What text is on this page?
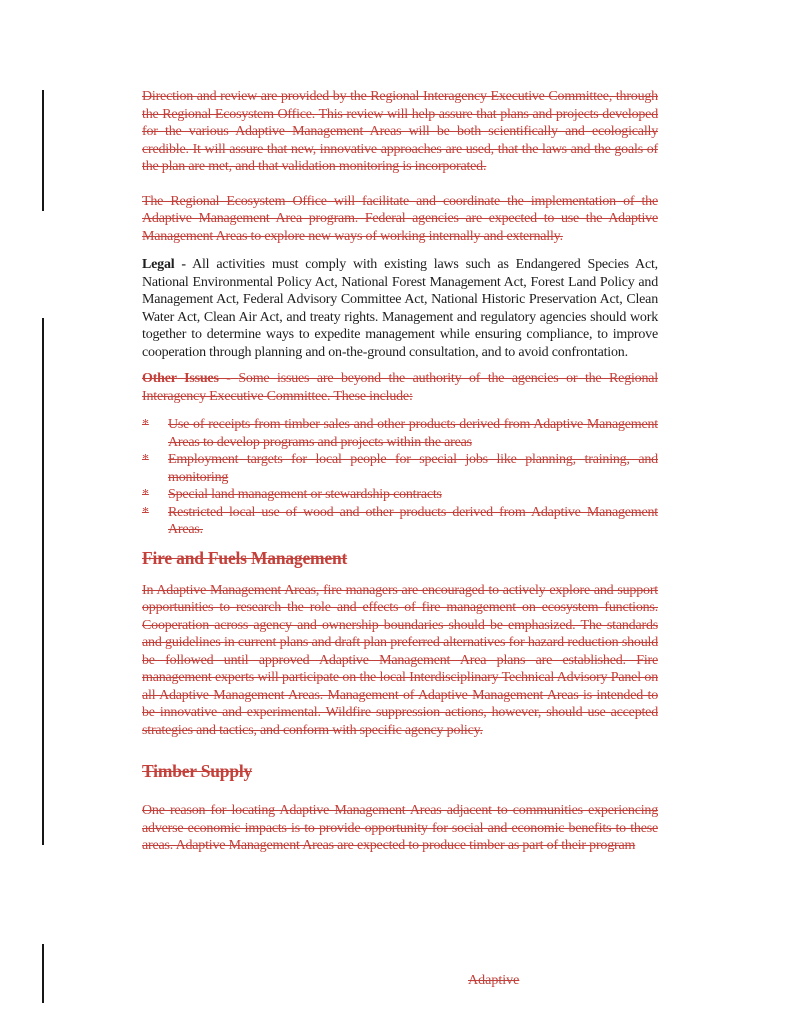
Direction and review are provided by the Regional Interagency Executive Committee, through the Regional Ecosystem Office. This review will help assure that plans and projects developed for the various Adaptive Management Areas will be both scientifically and ecologically credible. It will assure that new, innovative approaches are used, that the laws and the goals of the plan are met, and that validation monitoring is incorporated.

The Regional Ecosystem Office will facilitate and coordinate the implementation of the Adaptive Management Area program. Federal agencies are expected to use the Adaptive Management Areas to explore new ways of working internally and externally.

Legal - All activities must comply with existing laws such as Endangered Species Act, National Environmental Policy Act, National Forest Management Act, Forest Land Policy and Management Act, Federal Advisory Committee Act, National Historic Preservation Act, Clean Water Act, Clean Air Act, and treaty rights. Management and regulatory agencies should work together to determine ways to expedite management while ensuring compliance, to improve cooperation through planning and on-the-ground consultation, and to avoid confrontation.

Other Issues - Some issues are beyond the authority of the agencies or the Regional Interagency Executive Committee. These include:

*	Use of receipts from timber sales and other products derived from Adaptive Management Areas to develop programs and projects within the areas
*	Employment targets for local people for special jobs like planning, training, and monitoring
*	Special land management or stewardship contracts
*	Restricted local use of wood and other products derived from Adaptive Management Areas.
Fire and Fuels Management

In Adaptive Management Areas, fire managers are encouraged to actively explore and support opportunities to research the role and effects of fire management on ecosystem functions. Cooperation across agency and ownership boundaries should be emphasized. The standards and guidelines in current plans and draft plan preferred alternatives for hazard reduction should be followed until approved Adaptive Management Area plans are established. Fire management experts will participate on the local Interdisciplinary Technical Advisory Panel on all Adaptive Management Areas. Management of Adaptive Management Areas is intended to be innovative and experimental. Wildfire suppression actions, however, should use accepted strategies and tactics, and conform with specific agency policy.

Timber Supply

One reason for locating Adaptive Management Areas adjacent to communities experiencing adverse economic impacts is to provide opportunity for social and economic benefits to these areas. Adaptive Management Areas are expected to produce timber as part of their program

Adaptive
